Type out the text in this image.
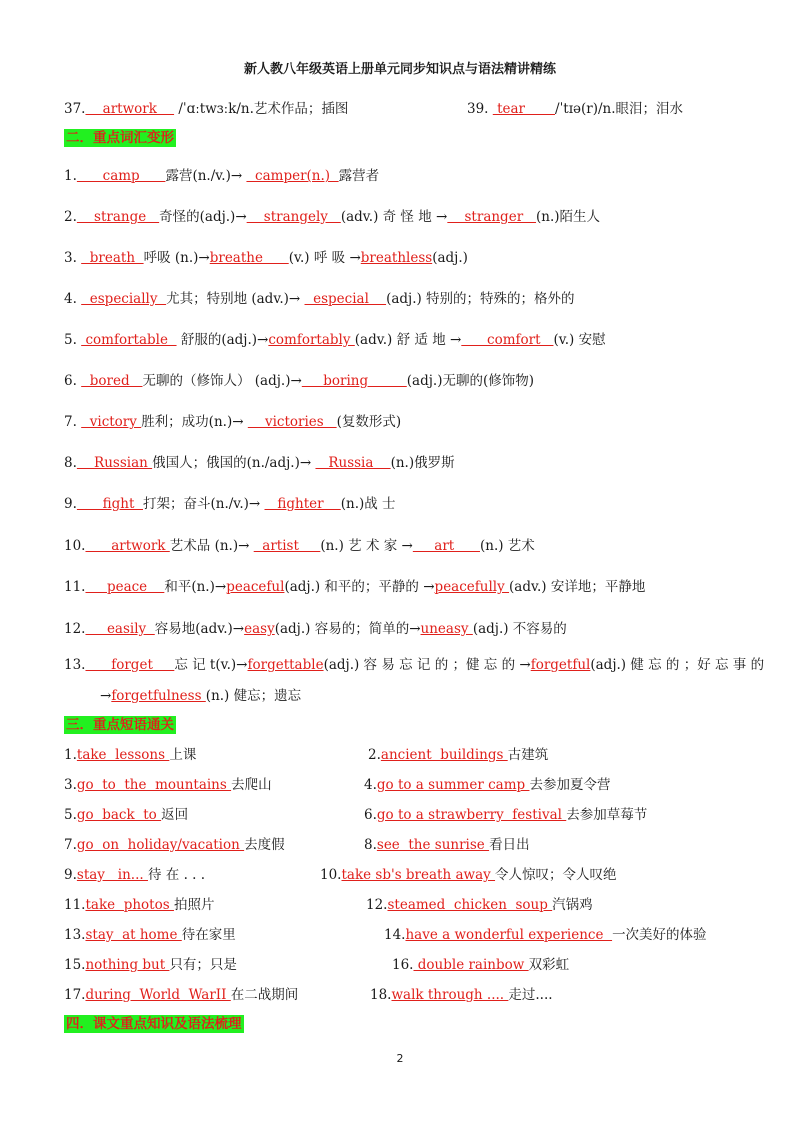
新人教八年级英语上册单元同步知识点与语法精讲精练
37.    artwork     /ˈɑːtwɜːk/n.艺术作品；插图	39.  tear       /ˈtɪə(r)/n.眼泪；泪水
二．重点词汇变形
1.      camp      露营(n./v.)→   camper(n.)  露营者
2.    strange   奇怪的(adj.)→    strangely   (adv.) 奇 怪 地 →    stranger   (n.)陌生人
3.   breath  呼吸 (n.)→breathe      (v.) 呼 吸 →breathless(adj.)
4.   especially  尤其；特别地 (adv.)→   especial    (adj.) 特别的；特殊的；格外的
5.  comfortable   舒服的(adj.)→comfortably (adv.) 舒 适 地 →      comfort   (v.) 安慰
6.   bored   无聊的（修饰人） (adj.)→     boring         (adj.)无聊的(修饰物)
7.   victory 胜利；成功(n.)→     victories   (复数形式)
8.    Russian 俄国人；俄国的(n./adj.)→    Russia    (n.)俄罗斯
9.      fight  打架；奋斗(n./v.)→    fighter    (n.)战 士
10.      artwork 艺术品 (n.)→   artist     (n.) 艺 术 家 →     art      (n.) 艺术
11.     peace    和平(n.)→peaceful(adj.) 和平的；平静的 →peacefully (adv.) 安详地；平静地
12.     easily  容易地(adv.)→easy(adj.) 容易的；简单的→uneasy (adj.) 不容易的
13.      forget     忘 记 t(v.)→forgettable(adj.) 容 易 忘 记 的 ；健 忘 的 →forgetful(adj.) 健 忘 的 ；好 忘 事 的
→forgetfulness (n.) 健忘；遗忘
三．重点短语通关
1.take  lessons 上课	2.ancient  buildings 古建筑
3.go  to  the  mountains 去爬山	4.go to a summer camp 去参加夏令营
5.go  back  to 返回	6.go to a strawberry  festival 去参加草莓节
7.go  on  holiday/vacation 去度假	8.see  the sunrise 看日出
9.stay   in... 待 在 . . .	10.take sb's breath away 令人惊叹；令人叹绝
11.take  photos 拍照片	12.steamed  chicken  soup 汽锅鸡
13.stay  at home 待在家里	14.have a wonderful experience  一次美好的体验
15.nothing but 只有；只是	16. double rainbow 双彩虹
17.during  World  WarII 在二战期间	18.walk through .... 走过....
四．课文重点知识及语法梳理
2
